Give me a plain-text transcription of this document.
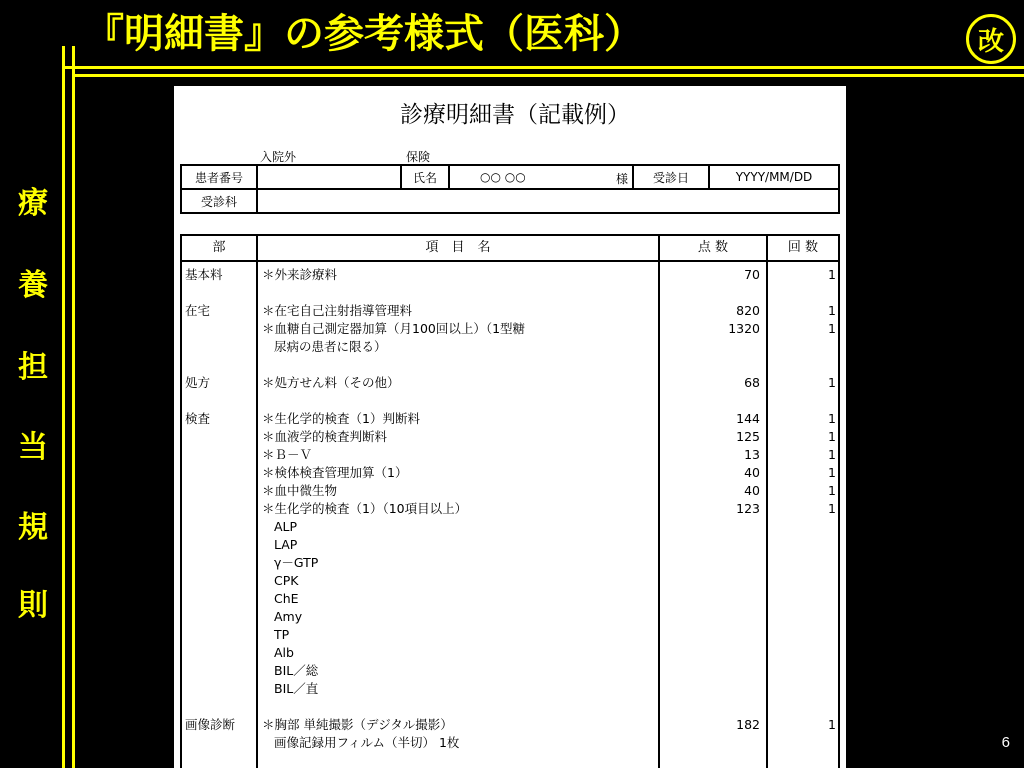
『明細書』の参考様式（医科）	改
療
養
担
当
規
則
6
診療明細書（記載例）
入院外	保険
患者番号		氏名	○○ ○○ 様	受診日	YYYY/MM/DD
受診科					
部	項　目　名	点 数	回 数
基本料	＊外来診療料	70	1
在宅	＊在宅自己注射指導管理料	820	1
＊血糖自己測定器加算（月100回以上）（1型糖	1320	1
尿病の患者に限る）
処方	＊処方せん料（その他）	68	1
検査	＊生化学的検査（1）判断料	144	1
＊血液学的検査判断料	125	1
＊Ｂ－Ｖ	13	1
＊検体検査管理加算（1）	40	1
＊血中微生物	40	1
＊生化学的検査（1）（10項目以上）	123	1
ALP
LAP
γ－GTP
CPK
ChE
Amy
TP
Alb
BIL／総
BIL／直
画像診断 ＊胸部 単純撮影（デジタル撮影）	182	1
画像記録用フィルム（半切） 1枚
